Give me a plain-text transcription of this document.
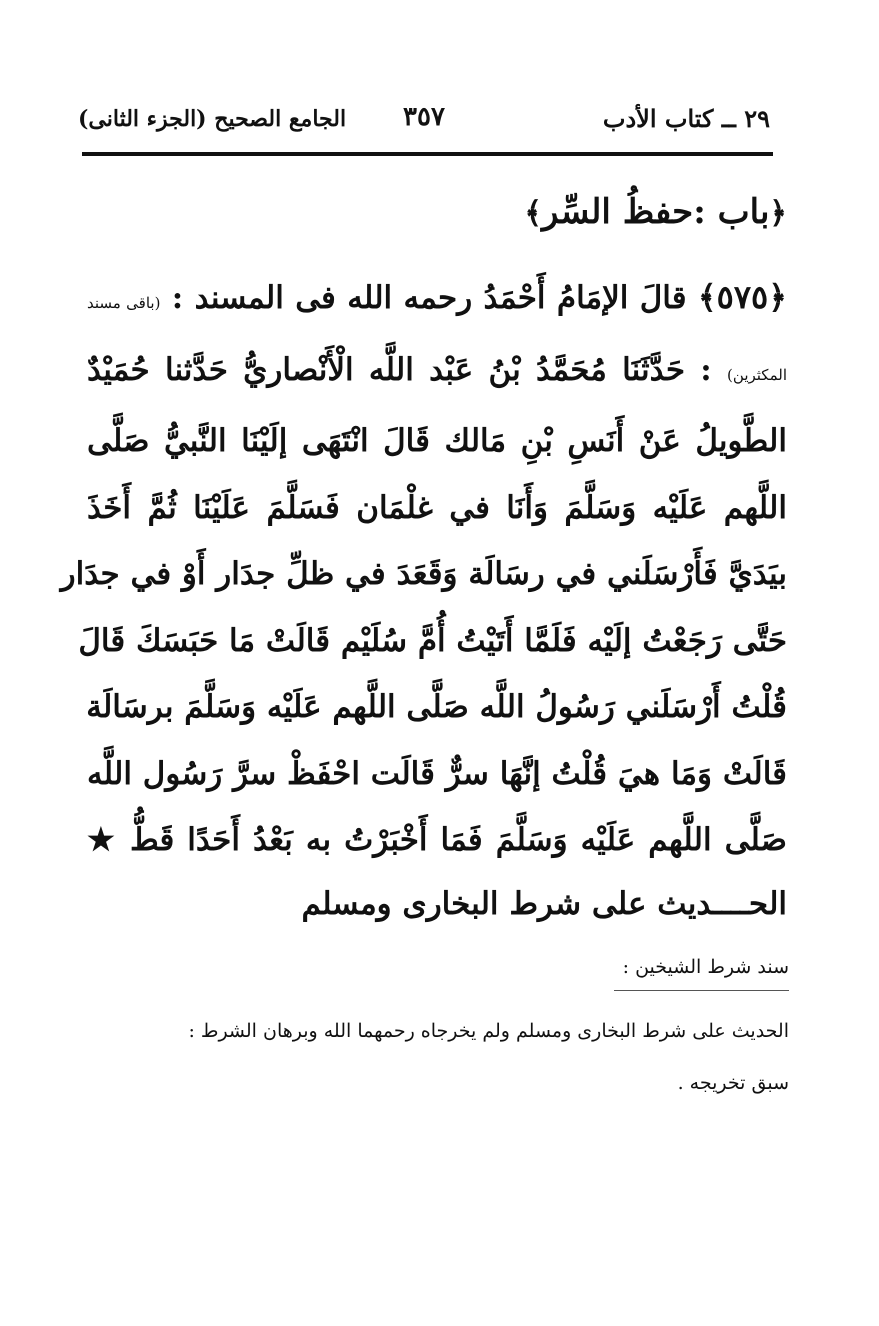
٢٩ ــ كتاب الأدب
٣٥٧
الجامع الصحيح (الجزء الثانى)
﴿باب :حفظُ السِّر﴾
﴿٥٧٥﴾ قالَ الإمَامُ أَحْمَدُ رحمه الله فى المسند : (باقى مسند
المكثرين) : حَدَّثَنَا مُحَمَّدُ بْنُ عَبْد اللَّه الْأَنْصاريُّ حَدَّثنا حُمَيْدٌ
الطَّويلُ عَنْ أَنَسِ بْنِ مَالك قَالَ انْتَهَى إلَيْنَا النَّبيُّ صَلَّى
اللَّهم عَلَيْه وَسَلَّمَ وَأَنَا في غلْمَان فَسَلَّمَ عَلَيْنَا ثُمَّ أَخَذَ
بيَدَيَّ فَأَرْسَلَني في رسَالَة وَقَعَدَ في ظلِّ جدَار أَوْ في جدَار
حَتَّى رَجَعْتُ إلَيْه فَلَمَّا أَتَيْتُ أُمَّ سُلَيْم قَالَتْ مَا حَبَسَكَ قَالَ
قُلْتُ أَرْسَلَني رَسُولُ اللَّه صَلَّى اللَّهم عَلَيْه وَسَلَّمَ برسَالَة
قَالَتْ وَمَا هيَ قُلْتُ إنَّهَا سرٌّ قَالَت احْفَظْ سرَّ رَسُول اللَّه
صَلَّى اللَّهم عَلَيْه وَسَلَّمَ فَمَا أَخْبَرْتُ به بَعْدُ أَحَدًا قَطُّ ★
الحــــديث على شرط البخارى ومسلم
سند شرط الشيخين :
الحديث على شرط البخارى ومسلم ولم يخرجاه رحمهما الله وبرهان الشرط :
سبق تخريجه .
